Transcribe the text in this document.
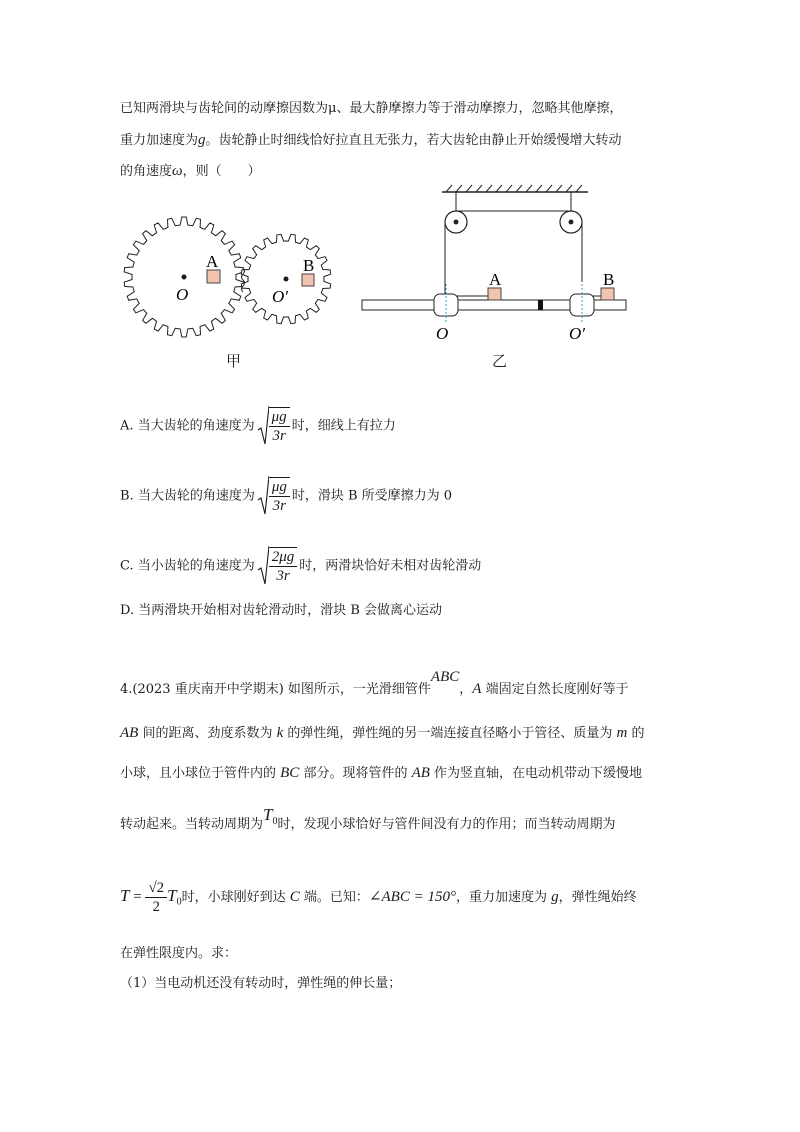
已知两滑块与齿轮间的动摩擦因数为μ、最大静摩擦力等于滑动摩擦力，忽略其他摩擦，
重力加速度为g。齿轮静止时细线恰好拉直且无张力，若大齿轮由静止开始缓慢增大转动
的角速度ω，则（　　）
A	B
O	O′
甲
A	B
O	O′
乙
A. 当大齿轮的角速度为 $\frac{\mu g}{3r}$ 时，细线上有拉力
B. 当大齿轮的角速度为 $\frac{\mu g}{3r}$ 时，滑块 B 所受摩擦力为 0
C. 当小齿轮的角速度为 $\frac{2\mu g}{3r}$ 时，两滑块恰好未相对齿轮滑动
D. 当两滑块开始相对齿轮滑动时，滑块 B 会做离心运动
4.(2023 重庆南开中学期末) 如图所示，一光滑细管件ABC，A 端固定自然长度刚好等于
AB 间的距离、劲度系数为 k 的弹性绳，弹性绳的另一端连接直径略小于管径、质量为 m 的
小球，且小球位于管件内的 BC 部分。现将管件的 AB 作为竖直轴，在电动机带动下缓慢地
转动起来。当转动周期为$T_0$时，发现小球恰好与管件间没有力的作用；而当转动周期为
$T = \frac{√2}{2} T_0$时，小球刚好到达 C 端。已知：∠ABC = 150°，重力加速度为 g，弹性绳始终
在弹性限度内。求：
（1）当电动机还没有转动时，弹性绳的伸长量；
